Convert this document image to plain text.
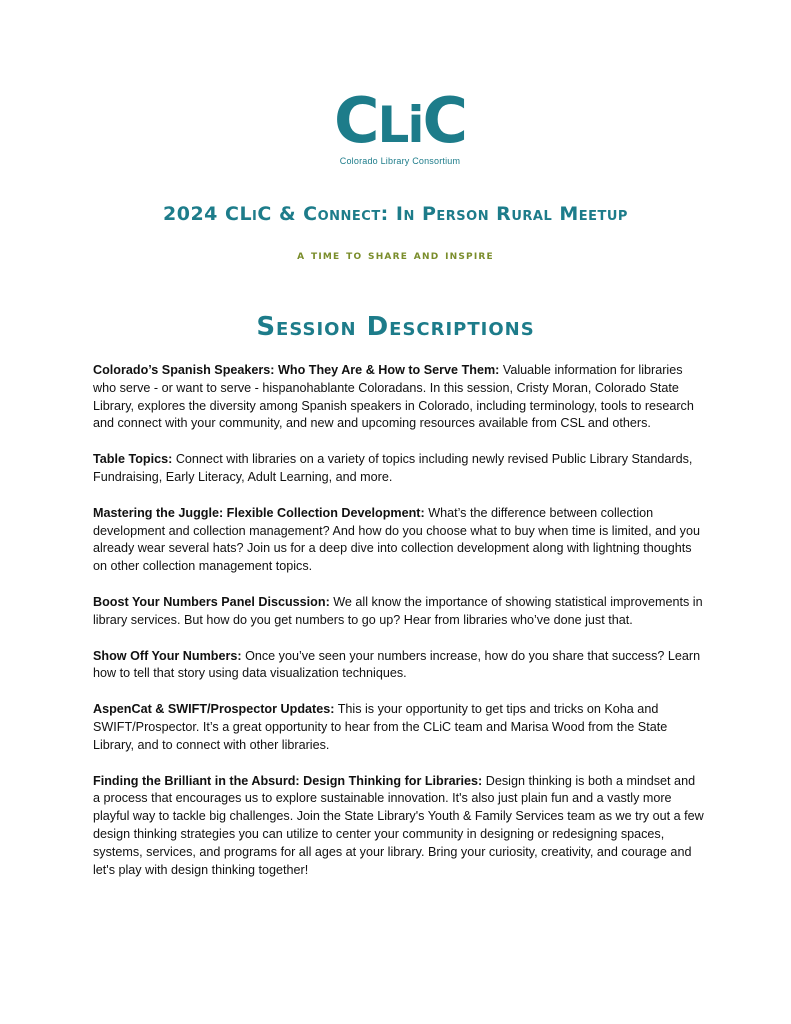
CLiC
Colorado Library Consortium
2024 CLiC & Connect: In Person Rural Meetup
a time to share and inspire
Session Descriptions

Colorado’s Spanish Speakers: Who They Are & How to Serve Them: Valuable information for libraries who serve - or want to serve - hispanohablante Coloradans. In this session, Cristy Moran, Colorado State Library, explores the diversity among Spanish speakers in Colorado, including terminology, tools to research and connect with your community, and new and upcoming resources available from CSL and others.

Table Topics: Connect with libraries on a variety of topics including newly revised Public Library Standards, Fundraising, Early Literacy, Adult Learning, and more.

Mastering the Juggle: Flexible Collection Development: What’s the difference between collection development and collection management? And how do you choose what to buy when time is limited, and you already wear several hats? Join us for a deep dive into collection development along with lightning thoughts on other collection management topics.

Boost Your Numbers Panel Discussion: We all know the importance of showing statistical improvements in library services. But how do you get numbers to go up? Hear from libraries who’ve done just that.

Show Off Your Numbers: Once you’ve seen your numbers increase, how do you share that success? Learn how to tell that story using data visualization techniques.

AspenCat & SWIFT/Prospector Updates: This is your opportunity to get tips and tricks on Koha and SWIFT/Prospector. It’s a great opportunity to hear from the CLiC team and Marisa Wood from the State Library, and to connect with other libraries.

Finding the Brilliant in the Absurd: Design Thinking for Libraries: Design thinking is both a mindset and a process that encourages us to explore sustainable innovation. It's also just plain fun and a vastly more playful way to tackle big challenges. Join the State Library's Youth & Family Services team as we try out a few design thinking strategies you can utilize to center your community in designing or redesigning spaces, systems, services, and programs for all ages at your library. Bring your curiosity, creativity, and courage and let's play with design thinking together!
